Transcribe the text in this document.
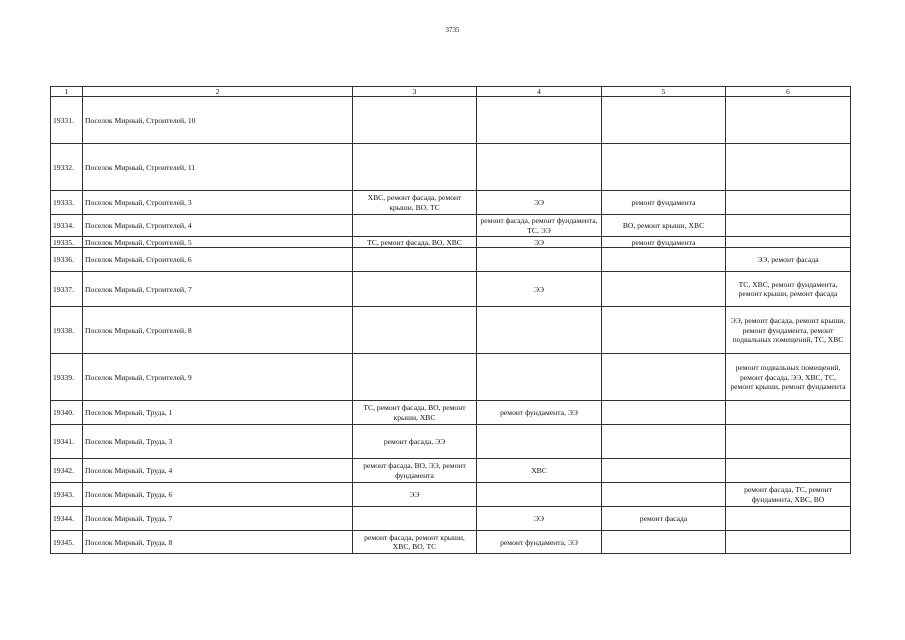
3735
1	2	3	4	5	6
19331.	Поселок Мирный, Строителей, 10				
19332.	Поселок Мирный, Строителей, 11				
19333.	Поселок Мирный, Строителей, 3	ХВС, ремонт фасада, ремонт крыши, ВО, ТС	ЭЭ	ремонт фундамента	
19334.	Поселок Мирный, Строителей, 4		ремонт фасада, ремонт фундамента, ТС, ЭЭ	ВО, ремонт крыши, ХВС	
19335.	Поселок Мирный, Строителей, 5	ТС, ремонт фасада, ВО, ХВС	ЭЭ	ремонт фундамента	
19336.	Поселок Мирный, Строителей, 6				ЭЭ, ремонт фасада
19337.	Поселок Мирный, Строителей, 7		ЭЭ		ТС, ХВС, ремонт фундамента, ремонт крыши, ремонт фасада
19338.	Поселок Мирный, Строителей, 8				ЭЭ, ремонт фасада, ремонт крыши, ремонт фундамента, ремонт подвальных помещений, ТС, ХВС
19339.	Поселок Мирный, Строителей, 9				ремонт подвальных помещений, ремонт фасада, ЭЭ, ХВС, ТС, ремонт крыши, ремонт фундамента
19340.	Поселок Мирный, Труда, 1	ТС, ремонт фасада, ВО, ремонт крыши, ХВС	ремонт фундамента, ЭЭ		
19341.	Поселок Мирный, Труда, 3	ремонт фасада, ЭЭ			
19342.	Поселок Мирный, Труда, 4	ремонт фасада, ВО, ЭЭ, ремонт фундамента	ХВС		
19343.	Поселок Мирный, Труда, 6	ЭЭ			ремонт фасада, ТС, ремонт фундамента, ХВС, ВО
19344.	Поселок Мирный, Труда, 7		ЭЭ	ремонт фасада	
19345.	Поселок Мирный, Труда, 8	ремонт фасада, ремонт крыши, ХВС, ВО, ТС	ремонт фундамента, ЭЭ		
